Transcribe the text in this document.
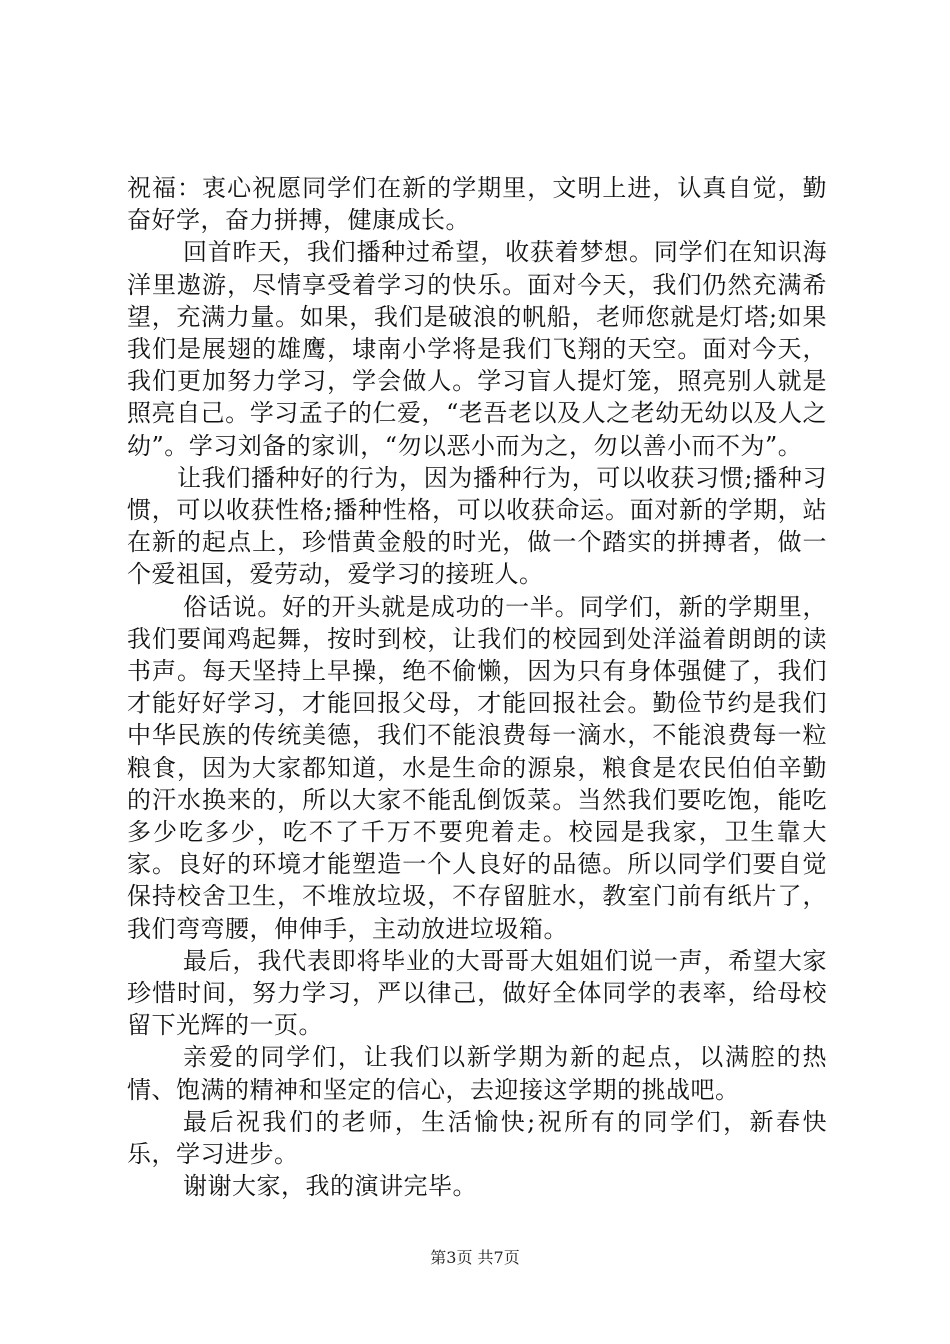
祝福：衷心祝愿同学们在新的学期里，文明上进，认真自觉，勤奋好学，奋力拼搏，健康成长。

回首昨天，我们播种过希望，收获着梦想。同学们在知识海洋里遨游，尽情享受着学习的快乐。面对今天，我们仍然充满希望，充满力量。如果，我们是破浪的帆船，老师您就是灯塔;如果我们是展翅的雄鹰，埭南小学将是我们飞翔的天空。面对今天，我们更加努力学习，学会做人。学习盲人提灯笼，照亮别人就是照亮自己。学习孟子的仁爱，“老吾老以及人之老幼无幼以及人之幼”。学习刘备的家训，“勿以恶小而为之，勿以善小而不为”。

让我们播种好的行为，因为播种行为，可以收获习惯;播种习惯，可以收获性格;播种性格，可以收获命运。面对新的学期，站在新的起点上，珍惜黄金般的时光，做一个踏实的拼搏者，做一个爱祖国，爱劳动，爱学习的接班人。

俗话说。好的开头就是成功的一半。同学们，新的学期里，我们要闻鸡起舞，按时到校，让我们的校园到处洋溢着朗朗的读书声。每天坚持上早操，绝不偷懒，因为只有身体强健了，我们才能好好学习，才能回报父母，才能回报社会。勤俭节约是我们中华民族的传统美德，我们不能浪费每一滴水，不能浪费每一粒粮食，因为大家都知道，水是生命的源泉，粮食是农民伯伯辛勤的汗水换来的，所以大家不能乱倒饭菜。当然我们要吃饱，能吃多少吃多少，吃不了千万不要兜着走。校园是我家，卫生靠大家。良好的环境才能塑造一个人良好的品德。所以同学们要自觉保持校舍卫生，不堆放垃圾，不存留脏水，教室门前有纸片了，我们弯弯腰，伸伸手，主动放进垃圾箱。

最后，我代表即将毕业的大哥哥大姐姐们说一声，希望大家珍惜时间，努力学习，严以律己，做好全体同学的表率，给母校留下光辉的一页。

亲爱的同学们，让我们以新学期为新的起点，以满腔的热情、饱满的精神和坚定的信心，去迎接这学期的挑战吧。

最后祝我们的老师，生活愉快;祝所有的同学们，新春快乐，学习进步。

谢谢大家，我的演讲完毕。

第3页 共7页
